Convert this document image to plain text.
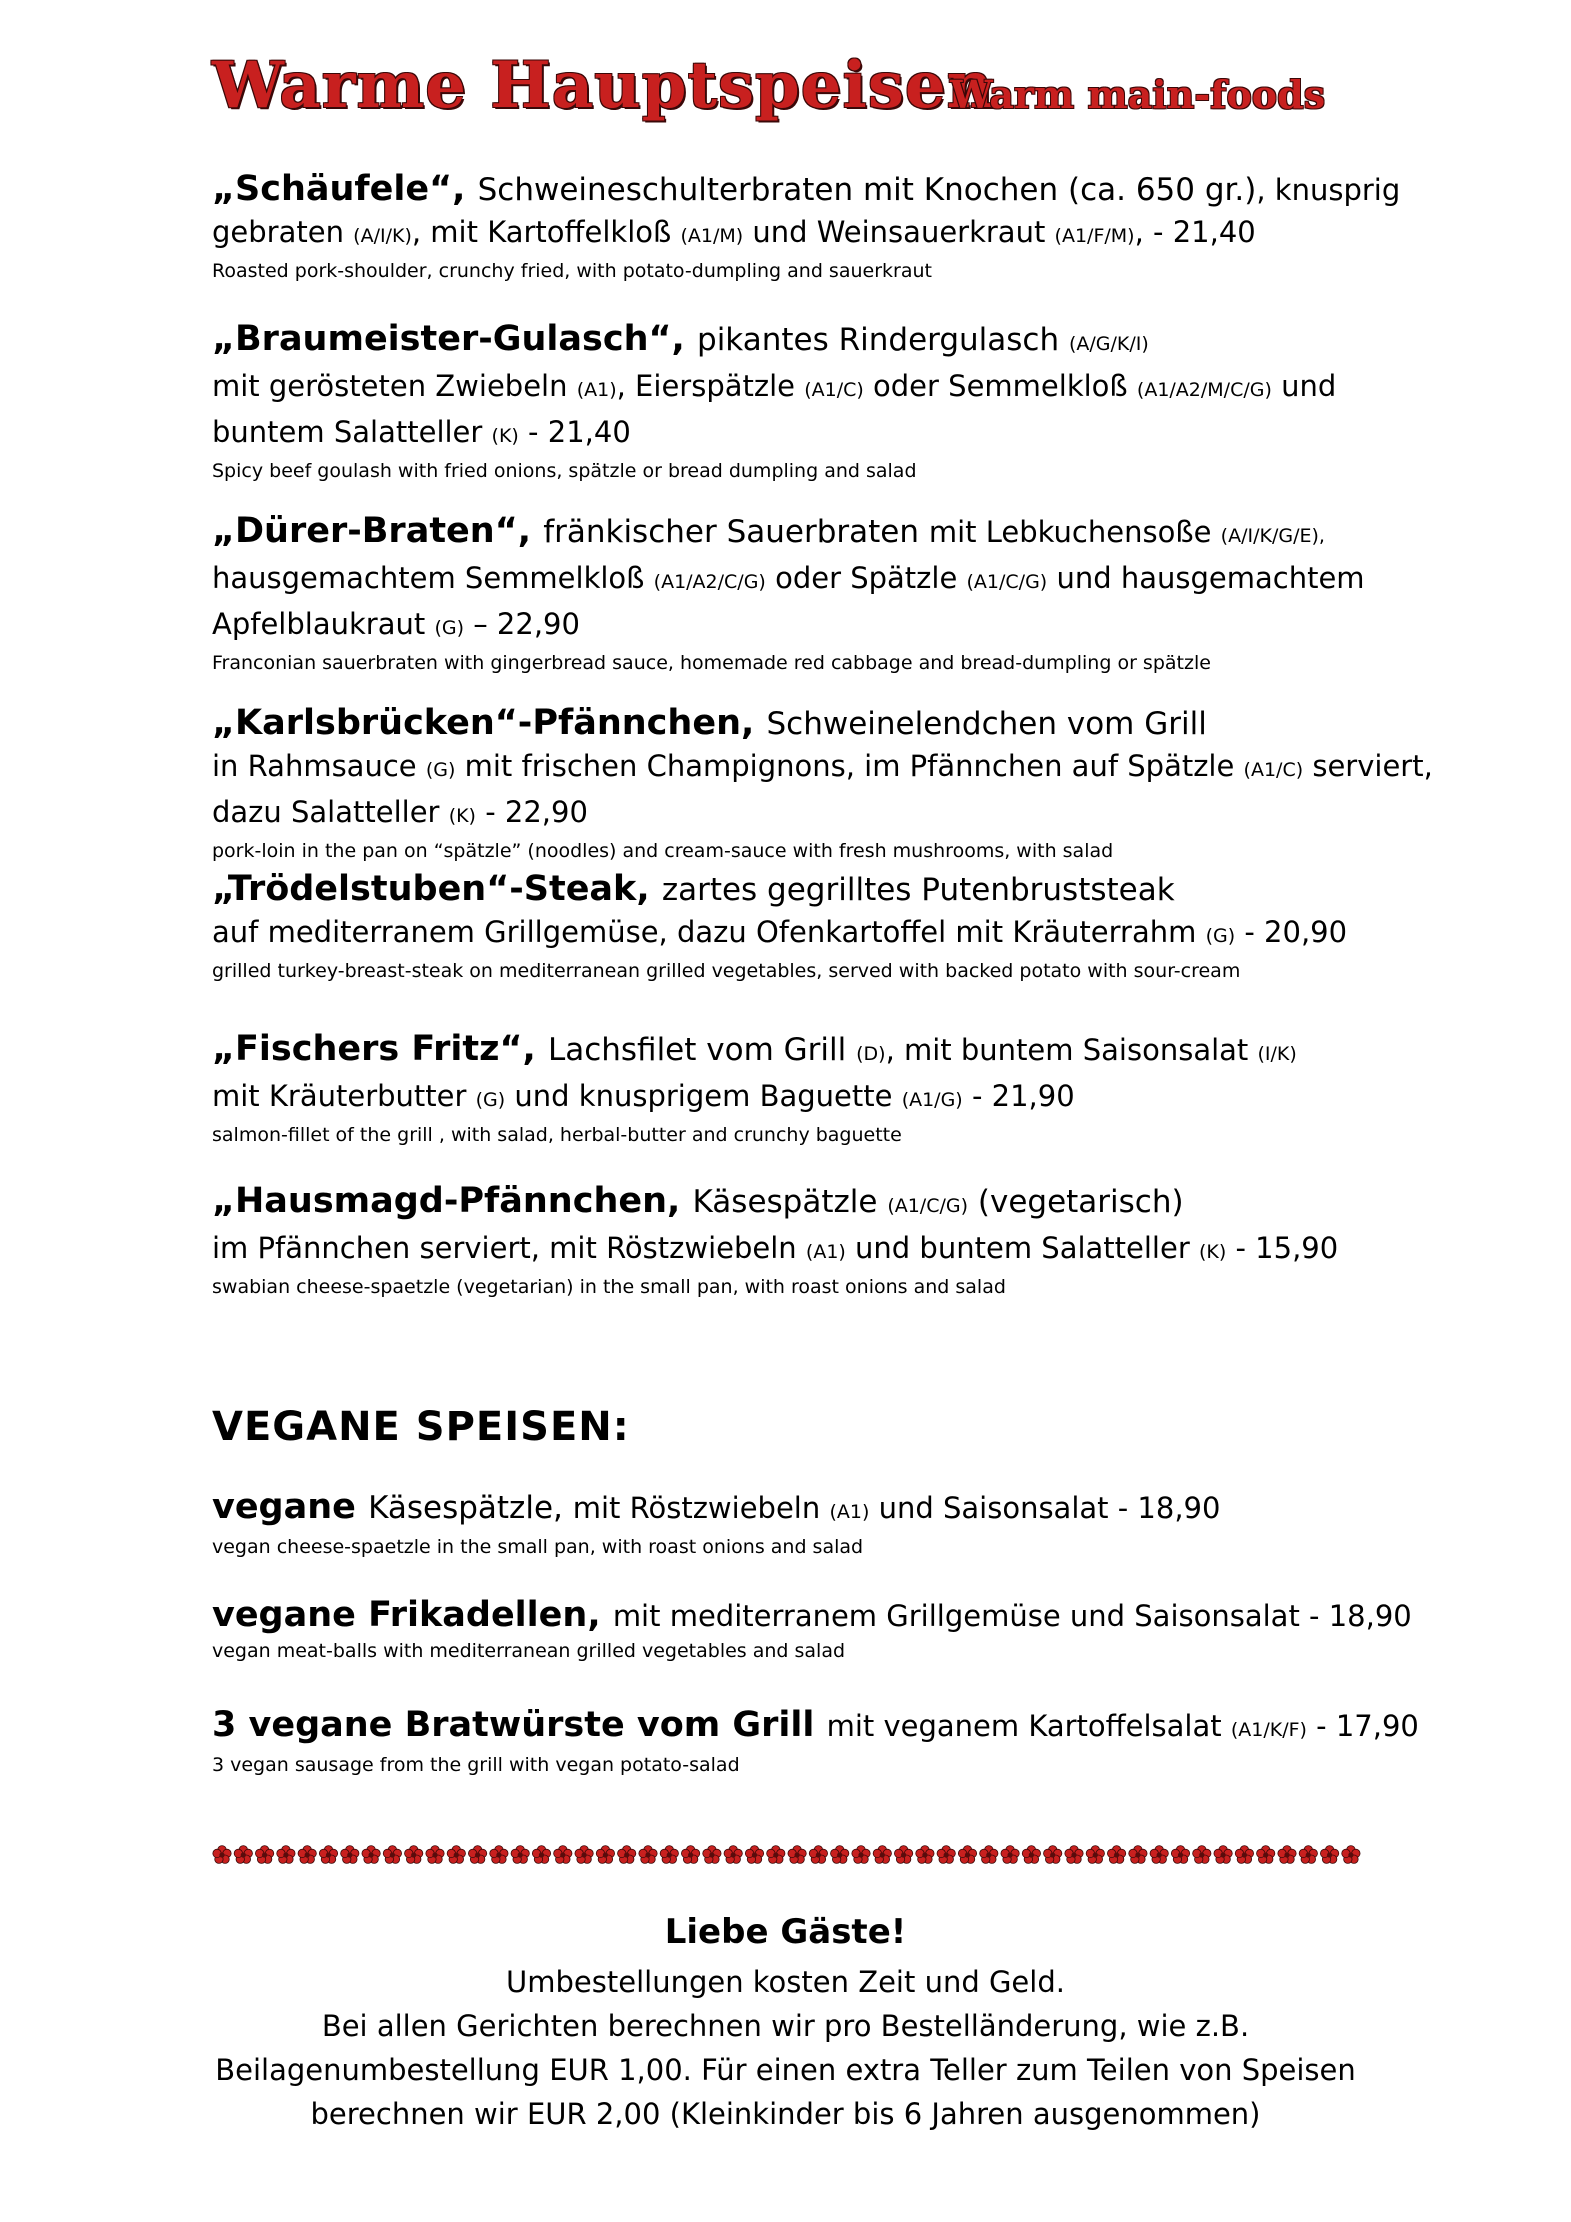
Warme Hauptspeisen
Warm main-foods
„Schäufele“, Schweineschulterbraten mit Knochen (ca. 650 gr.), knusprig
gebraten (A/I/K), mit Kartoffelkloß (A1/M) und Weinsauerkraut (A1/F/M), - 21,40
Roasted pork-shoulder, crunchy fried, with potato-dumpling and sauerkraut
„Braumeister-Gulasch“, pikantes Rindergulasch (A/G/K/I)
mit gerösteten Zwiebeln (A1), Eierspätzle (A1/C) oder Semmelkloß (A1/A2/M/C/G) und
buntem Salatteller (K) - 21,40
Spicy beef goulash with fried onions, spätzle or bread dumpling and salad
„Dürer-Braten“, fränkischer Sauerbraten mit Lebkuchensoße (A/I/K/G/E),
hausgemachtem Semmelkloß (A1/A2/C/G) oder Spätzle (A1/C/G) und hausgemachtem
Apfelblaukraut (G) – 22,90
Franconian sauerbraten with gingerbread sauce, homemade red cabbage and bread-dumpling or spätzle
„Karlsbrücken“-Pfännchen, Schweinelendchen vom Grill
in Rahmsauce (G) mit frischen Champignons, im Pfännchen auf Spätzle (A1/C) serviert,
dazu Salatteller (K) - 22,90
pork-loin in the pan on “spätzle” (noodles) and cream-sauce with fresh mushrooms, with salad
„Trödelstuben“-Steak, zartes gegrilltes Putenbruststeak
auf mediterranem Grillgemüse, dazu Ofenkartoffel mit Kräuterrahm (G) - 20,90
grilled turkey-breast-steak on mediterranean grilled vegetables, served with backed potato with sour-cream
„Fischers Fritz“, Lachsfilet vom Grill (D), mit buntem Saisonsalat (I/K)
mit Kräuterbutter (G) und knusprigem Baguette (A1/G) - 21,90
salmon-fillet of the grill , with salad, herbal-butter and crunchy baguette
„Hausmagd-Pfännchen, Käsespätzle (A1/C/G) (vegetarisch)
im Pfännchen serviert, mit Röstzwiebeln (A1) und buntem Salatteller (K) - 15,90
swabian cheese-spaetzle (vegetarian) in the small pan, with roast onions and salad
VEGANE SPEISEN:
vegane Käsespätzle, mit Röstzwiebeln (A1) und Saisonsalat - 18,90
vegan cheese-spaetzle in the small pan, with roast onions and salad
vegane Frikadellen, mit mediterranem Grillgemüse und Saisonsalat - 18,90
vegan meat-balls with mediterranean grilled vegetables and salad
3 vegane Bratwürste vom Grill mit veganem Kartoffelsalat (A1/K/F) - 17,90
3 vegan sausage from the grill with vegan potato-salad
Liebe Gäste!
Umbestellungen kosten Zeit und Geld.
Bei allen Gerichten berechnen wir pro Bestelländerung, wie z.B.
Beilagenumbestellung EUR 1,00. Für einen extra Teller zum Teilen von Speisen
berechnen wir EUR 2,00 (Kleinkinder bis 6 Jahren ausgenommen)
